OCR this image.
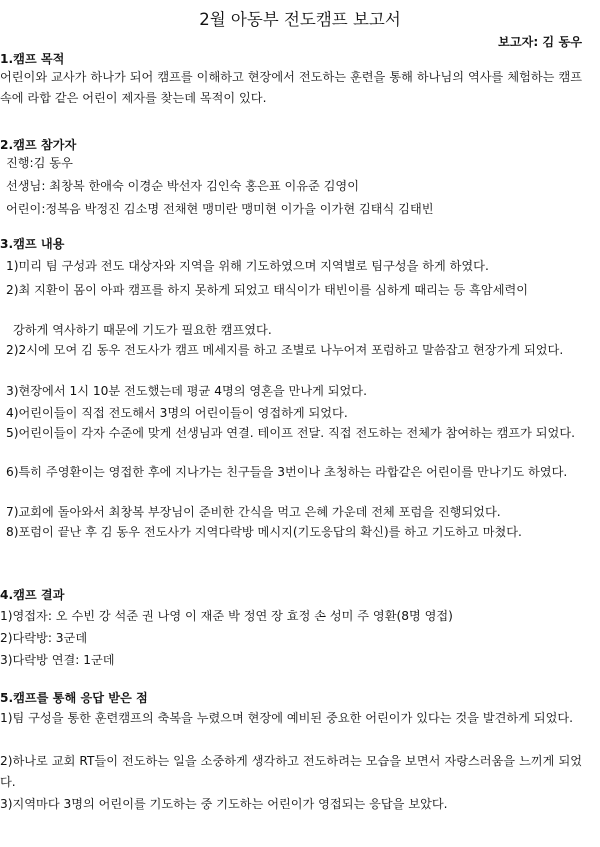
2월 아동부 전도캠프 보고서
보고자: 김 동우
1.캠프 목적
어린이와 교사가 하나가 되어 캠프를 이해하고 현장에서 전도하는 훈련을 통해 하나님의 역사를 체험하는 캠프 속에 라합 같은 어린이 제자를 찾는데 목적이 있다.
2.캠프 참가자
진행:김 동우
선생님: 최창복 한애숙 이경순 박선자 김인숙 홍은표 이유준 김영이
어린이:정복음 박정진 김소명 전채현 맹미란 맹미현 이가을 이가현 김태식 김태빈
3.캠프 내용
1)미리 팀 구성과 전도 대상자와 지역을 위해 기도하였으며 지역별로 팀구성을 하게 하였다.
2)최 지환이 몸이 아파 캠프를 하지 못하게 되었고 태식이가 태빈이를 심하게 때리는 등 흑암세력이
강하게 역사하기 때문에 기도가 필요한 캠프였다.
2)2시에 모여 김 동우 전도사가 캠프 메세지를 하고 조별로 나누어져 포럼하고 말씀잡고 현장가게 되었다.
3)현장에서 1시 10분 전도했는데 평균 4명의 영혼을 만나게 되었다.
4)어린이들이 직접 전도해서 3명의 어린이들이 영접하게 되었다.
5)어린이들이 각자 수준에 맞게 선생님과 연결. 테이프 전달. 직접 전도하는 전체가 참여하는 캠프가 되었다.
6)특히 주영환이는 영접한 후에 지나가는 친구들을 3번이나 초청하는 라합같은 어린이를 만나기도 하였다.
7)교회에 돌아와서 최창복 부장님이 준비한 간식을 먹고 은혜 가운데 전체 포럼을 진행되었다.
8)포럼이 끝난 후 김 동우 전도사가 지역다락방 메시지(기도응답의 확신)를 하고 기도하고 마쳤다.
4.캠프 결과
1)영접자: 오 수빈 강 석준 권 나영 이 재준 박 정연 장 효정 손 성미 주 영환(8명 영접)
2)다락방: 3군데
3)다락방 연결: 1군데
5.캠프를 통해 응답 받은 점
1)팀 구성을 통한 훈련캠프의 축복을 누렸으며 현장에 예비된 중요한 어린이가 있다는 것을 발견하게 되었다.
2)하나로 교회 RT들이 전도하는 일을 소중하게 생각하고 전도하려는 모습을 보면서 자랑스러움을 느끼게 되었다.
3)지역마다 3명의 어린이를 기도하는 중 기도하는 어린이가 영접되는 응답을 보았다.
